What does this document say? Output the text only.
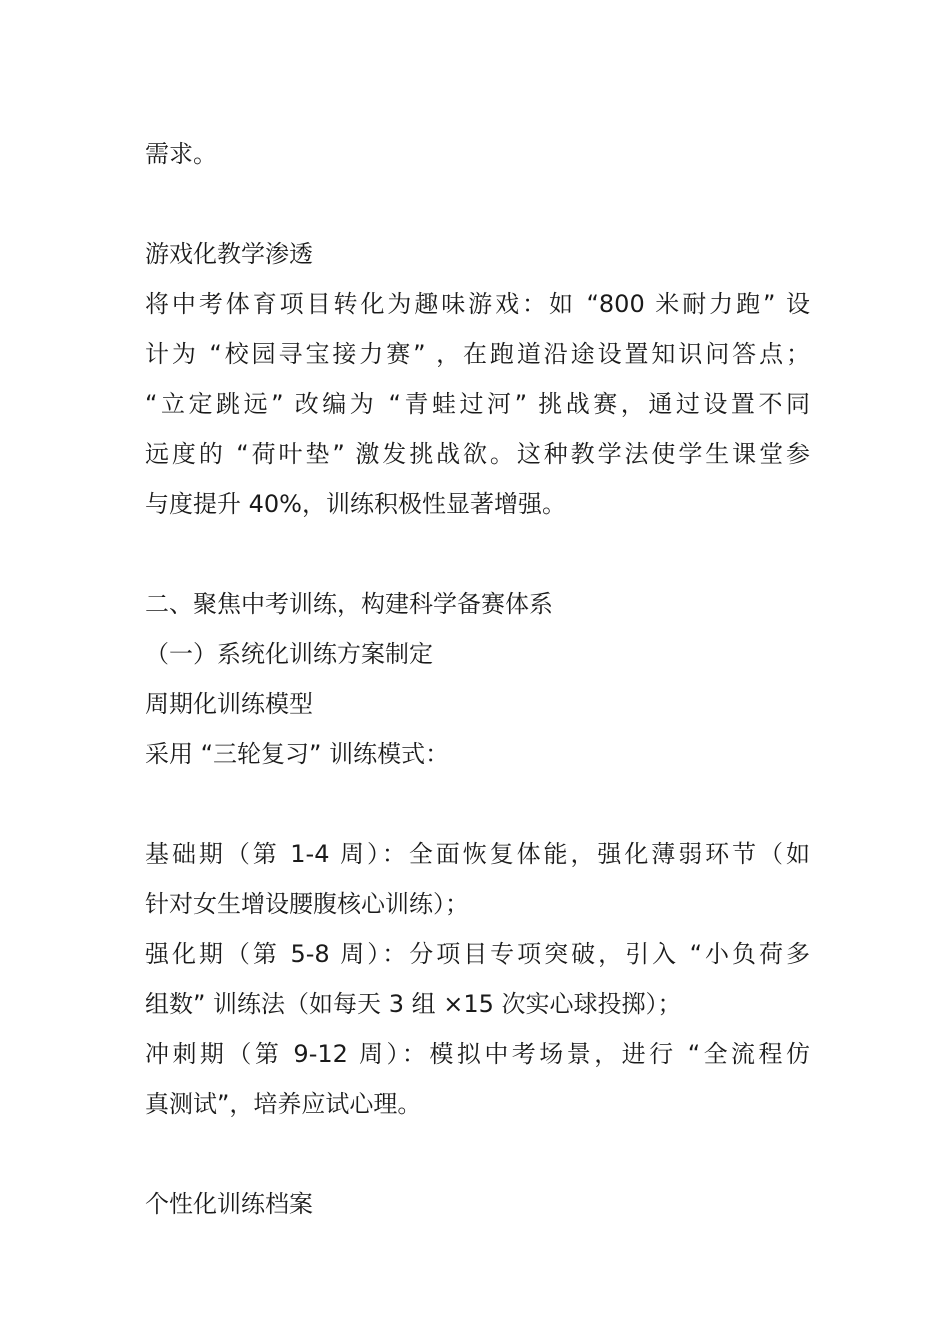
需求。
游戏化教学渗透
将中考体育项目转化为趣味游戏：如 “800 米耐力跑” 设
计为 “校园寻宝接力赛” ，在跑道沿途设置知识问答点；
“立定跳远” 改编为 “青蛙过河” 挑战赛，通过设置不同
远度的 “荷叶垫” 激发挑战欲。这种教学法使学生课堂参
与度提升 40%，训练积极性显著增强。
二、聚焦中考训练，构建科学备赛体系
（一）系统化训练方案制定
周期化训练模型
采用 “三轮复习” 训练模式：
基础期（第 1-4 周）：全面恢复体能，强化薄弱环节（如
针对女生增设腰腹核心训练）；
强化期（第 5-8 周）：分项目专项突破，引入 “小负荷多
组数” 训练法（如每天 3 组 ×15 次实心球投掷）；
冲刺期（第 9-12 周）：模拟中考场景，进行 “全流程仿
真测试”，培养应试心理。
个性化训练档案
